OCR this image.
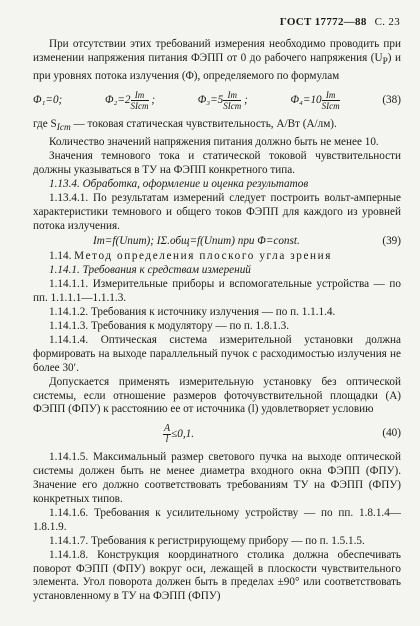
ГОСТ 17772—88 С. 23

При отсутствии этих требований измерения необходимо проводить при изменении напряжения питания ФЭПП от 0 до рабочего напряжения $(U_Р)$ и при уровнях потока излучения (Φ), определяемого по формулам

Φ₁=0;	$\Phi_2=2 \frac{Iт}{\text{SIст}}$ ;	$\Phi_3=5 \frac{Iт}{\text{SIст}}$ ;	$\Phi_4=10 \frac{Iт}{\text{SIст}}$	(38)

где $S_{Iст}$ — токовая статическая чувствительность, А/Вт (А/лм).

Количество значений напряжения питания должно быть не менее 10.

Значения темнового тока и статической токовой чувствительности должны указываться в ТУ на ФЭПП конкретного типа.

1.13.4. Обработка, оформление и оценка результатов

1.13.4.1. По результатам измерений следует построить вольт-амперные характеристики темнового и общего токов ФЭПП для каждого из уровней потока излучения.

Iт=f(Uпит); IΣ.общ=f(Uпит) при Φ=const.	(39)

1.14. Метод определения плоского угла зрения

1.14.1. Требования к средствам измерений

1.14.1.1. Измерительные приборы и вспомогательные устройства — по пп. 1.1.1.1—1.1.1.3.

1.14.1.2. Требования к источнику излучения — по п. 1.1.1.4.

1.14.1.3. Требования к модулятору — по п. 1.8.1.3.

1.14.1.4. Оптическая система измерительной установки должна формировать на выходе параллельный пучок с расходимостью излучения не более 30′.

Допускается применять измерительную установку без оптической системы, если отношение размеров фоточувствительной площадки (A) ФЭПП (ФПУ) к расстоянию ее от источника (l) удовлетворяет условию

$\frac{A}{l} \le 0,1$.	(40)

1.14.1.5. Максимальный размер светового пучка на выходе оптической системы должен быть не менее диаметра входного окна ФЭПП (ФПУ). Значение его должно соответствовать требованиям ТУ на ФЭПП (ФПУ) конкретных типов.

1.14.1.6. Требования к усилительному устройству — по пп. 1.8.1.4—1.8.1.9.

1.14.1.7. Требования к регистрирующему прибору — по п. 1.5.1.5.

1.14.1.8. Конструкция координатного столика должна обеспечивать поворот ФЭПП (ФПУ) вокруг оси, лежащей в плоскости чувствительного элемента. Угол поворота должен быть в пределах ±90° или соответствовать установленному в ТУ на ФЭПП (ФПУ)
